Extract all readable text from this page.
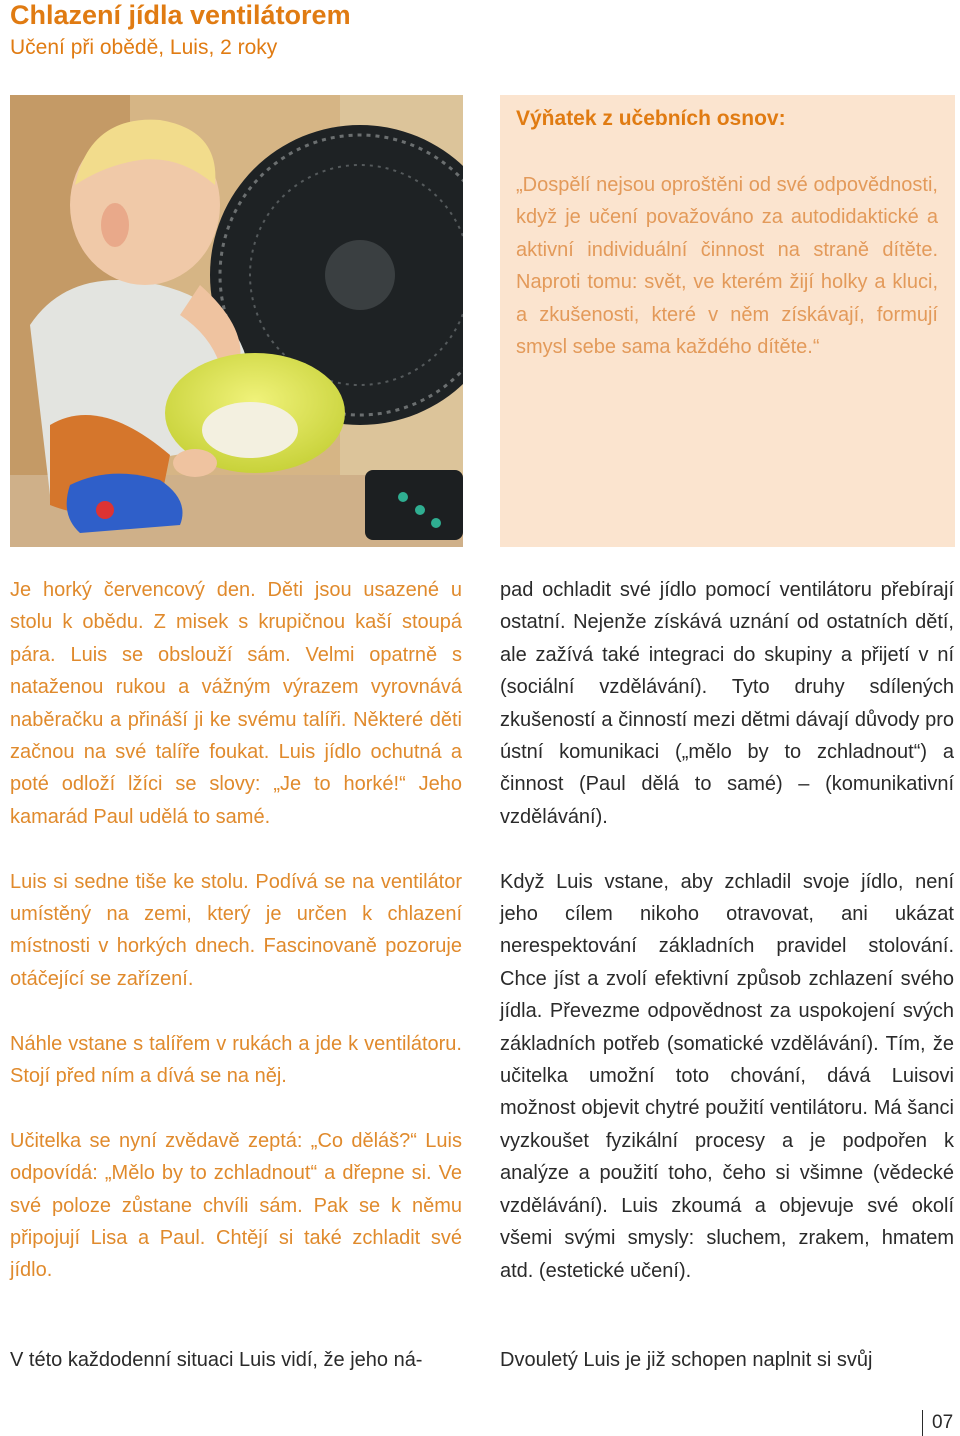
Chlazení jídla ventilátorem
Učení při obědě, Luis, 2 roky
Výňatek z učebních osnov:
„Dospělí nejsou oproštěni od své odpovědnosti, když je učení považováno za autodidaktické a aktivní individuální činnost na straně dítěte. Naproti tomu: svět, ve kterém žijí holky a kluci, a zkušenosti, které v něm získávají, formují smysl sebe sama každého dítěte.“

Je horký červencový den. Děti jsou usazené u stolu k obědu. Z misek s krupičnou kaší stoupá pára. Luis se obslouží sám. Velmi opatrně s nataženou rukou a vážným výrazem vyrovnává naběračku a přináší ji ke svému talíři. Některé děti začnou na své talíře foukat. Luis jídlo ochutná a poté odloží lžíci se slovy: „Je to horké!“ Jeho kamarád Paul udělá to samé.

Luis si sedne tiše ke stolu. Podívá se na ventilátor umístěný na zemi, který je určen k chlazení místnosti v horkých dnech. Fascinovaně pozoruje otáčející se zařízení.

Náhle vstane s talířem v rukách a jde k ventilátoru. Stojí před ním a dívá se na něj.

Učitelka se nyní zvědavě zeptá: „Co děláš?“ Luis odpovídá: „Mělo by to zchladnout“ a dřepne si. Ve své poloze zůstane chvíli sám. Pak se k němu připojují Lisa a Paul. Chtějí si také zchladit své jídlo.

V této každodenní situaci Luis vidí, že jeho ná-

pad ochladit své jídlo pomocí ventilátoru přebírají ostatní. Nejenže získává uznání od ostatních dětí, ale zažívá také integraci do skupiny a přijetí v ní (sociální vzdělávání). Tyto druhy sdílených zkušeností a činností mezi dětmi dávají důvody pro ústní komunikaci („mělo by to zchladnout“) a činnost (Paul dělá to samé) – (komunikativní vzdělávání).

Když Luis vstane, aby zchladil svoje jídlo, není jeho cílem nikoho otravovat, ani ukázat nerespektování základních pravidel stolování. Chce jíst a zvolí efektivní způsob zchlazení svého jídla. Převezme odpovědnost za uspokojení svých základních potřeb (somatické vzdělávání). Tím, že učitelka umožní toto chování, dává Luisovi možnost objevit chytré použití ventilátoru. Má šanci vyzkoušet fyzikální procesy a je podpořen k analýze a použití toho, čeho si všimne (vědecké vzdělávání). Luis zkoumá a objevuje své okolí všemi svými smysly: sluchem, zrakem, hmatem atd. (estetické učení).

Dvouletý Luis je již schopen naplnit si svůj
07
